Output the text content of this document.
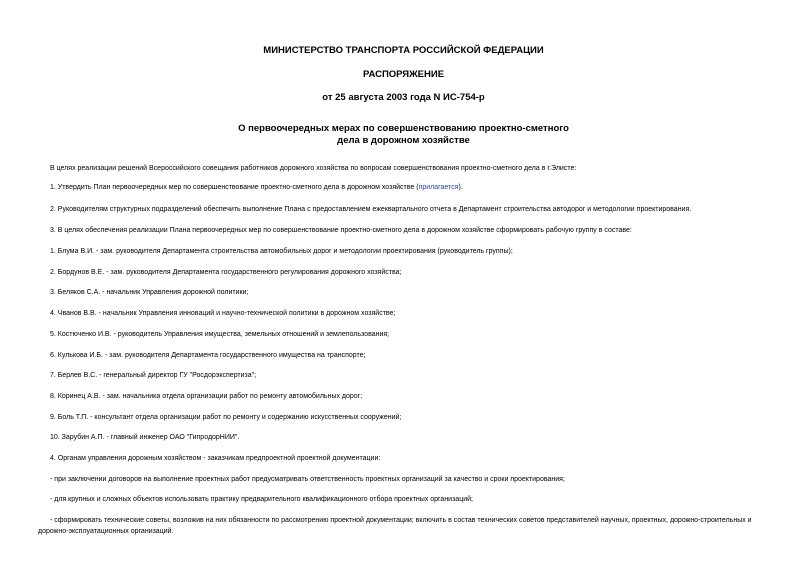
МИНИСТЕРСТВО ТРАНСПОРТА РОССИЙСКОЙ ФЕДЕРАЦИИ
РАСПОРЯЖЕНИЕ
от 25 августа 2003 года N ИС-754-р
О первоочередных мерах по совершенствованию проектно-сметного
дела в дорожном хозяйстве
В целях реализации решений Всероссийского совещания работников дорожного хозяйства по вопросам совершенствования проектно-сметного дела в г.Элисте:
1. Утвердить План первоочередных мер по совершенствование проектно-сметного дела в дорожном хозяйстве (прилагается).
2. Руководителям структурных подразделений обеспечить выполнение Плана с предоставлением ежеквартального отчета в Департамент строительства автодорог и методологии проектирования.
3. В целях обеспечения реализации Плана первоочередных мер по совершенствование проектно-сметного дела в дорожном хозяйстве сформировать рабочую группу в составе:
1. Блума В.И. - зам. руководителя Департамента строительства автомобильных дорог и методологии проектирования (руководитель группы);
2. Бордунов В.Е. - зам. руководителя Департамента государственного регулирования дорожного хозяйства;
3. Беляков С.А. - начальник Управления дорожной политики;
4. Чванов В.В. - начальник Управления инноваций и научно-технической политики в дорожном хозяйстве;
5. Костюченко И.В. - руководитель Управления имущества, земельных отношений и землепользования;
6. Кулькова И.Б. - зам. руководителя Департамента государственного имущества на транспорте;
7. Берлев В.С. - генеральный директор ГУ "Росдорэкспертиза";
8. Коринец А.В. - зам. начальника отдела организации работ по ремонту автомобильных дорог;
9. Боль Т.П. - консультант отдела организации работ по ремонту и содержанию искусственных сооружений;
10. Зарубин А.П. - главный инженер ОАО "ГипродорНИИ".
4. Органам управления дорожным хозяйством - заказчикам предпроектной проектной документации:
- при заключении договоров на выполнение проектных работ предусматривать ответственность проектных организаций за качество и сроки проектирования;
- для крупных и сложных объектов использовать практику предварительного квалификационного отбора проектных организаций;
- сформировать технические советы, возложив на них обязанности по рассмотрению проектной документации; включить в состав технических советов представителей научных, проектных, дорожно-строительных и дорожно-эксплуатационных организаций.
